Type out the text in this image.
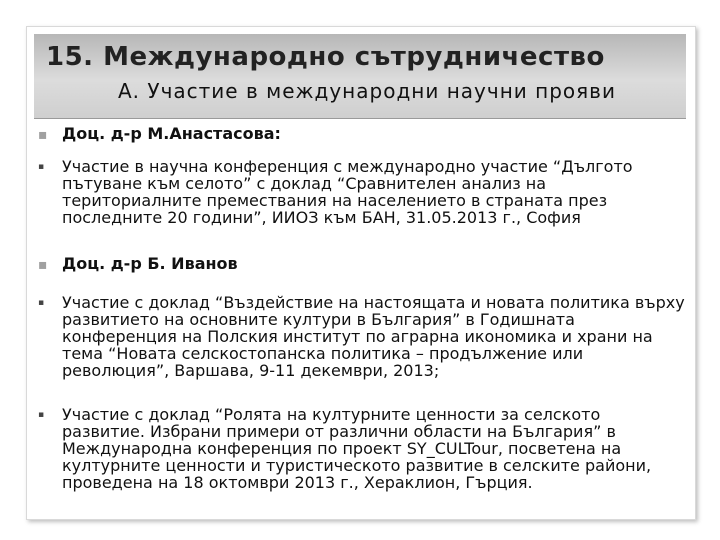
15. Международно сътрудничество
А. Участие в международни научни прояви
▪ Доц. д-р М.Анастасова:
▪ Участие в научна конференция с международно участие “Дългото пътуване към селото” с доклад “Сравнителен анализ на териториалните премествания на населението в страната през последните 20 години”, ИИОЗ към БАН, 31.05.2013 г., София
▪ Доц. д-р Б. Иванов
▪ Участие с доклад “Въздействие на настоящата и новата политика върху развитието на основните култури в България” в Годишната конференция на Полския институт по аграрна икономика и храни на тема “Новата селскостопанска политика – продължение или революция”, Варшава, 9-11 декември, 2013;
▪ Участие с доклад “Ролята на културните ценности за селското развитие. Избрани примери от различни области на България” в Международна конференция по проект SY_CULTour, посветена на културните ценности и туристическото развитие в селските райони, проведена на 18 октомври 2013 г., Хераклион, Гърция.
